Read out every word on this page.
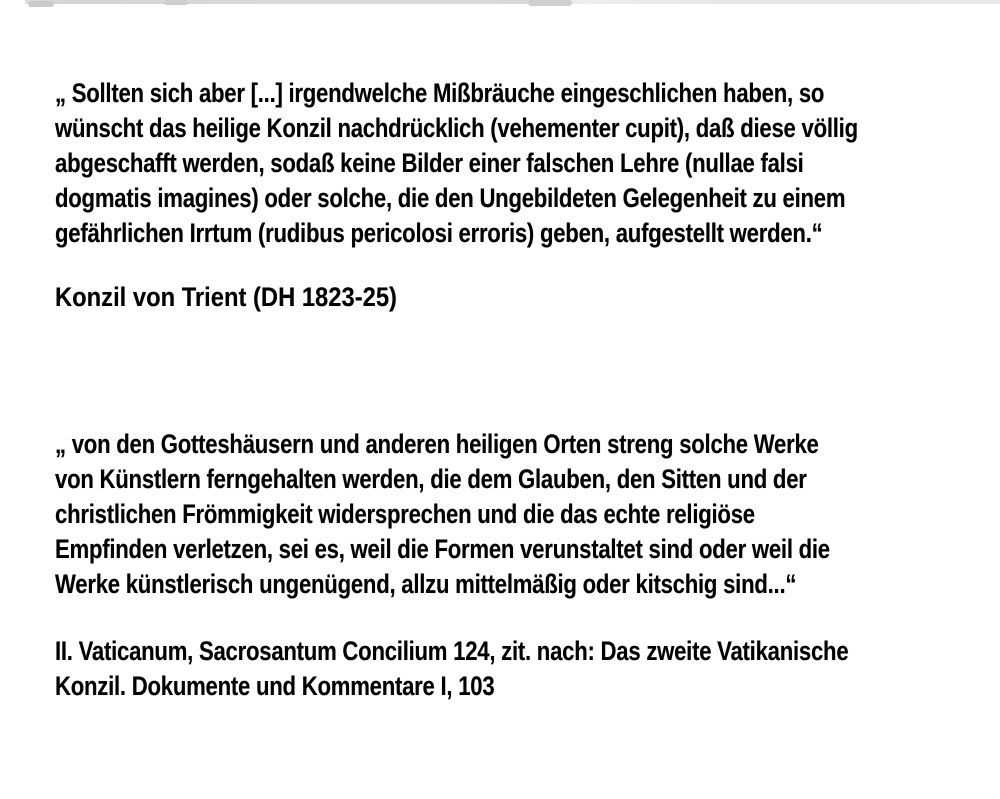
„ Sollten sich aber [...] irgendwelche Mißbräuche eingeschlichen haben, so
wünscht das heilige Konzil nachdrücklich (vehementer cupit), daß diese völlig
abgeschafft werden, sodaß keine Bilder einer falschen Lehre (nullae falsi
dogmatis imagines) oder solche, die den Ungebildeten Gelegenheit zu einem
gefährlichen Irrtum (rudibus pericolosi erroris) geben, aufgestellt werden.“
Konzil von Trient (DH 1823-25)
„ von den Gotteshäusern und anderen heiligen Orten streng solche Werke
von Künstlern ferngehalten werden, die dem Glauben, den Sitten und der
christlichen Frömmigkeit widersprechen und die das echte religiöse
Empfinden verletzen, sei es, weil die Formen verunstaltet sind oder weil die
Werke künstlerisch ungenügend, allzu mittelmäßig oder kitschig sind...“
II. Vaticanum, Sacrosantum Concilium 124, zit. nach: Das zweite Vatikanische
Konzil. Dokumente und Kommentare I, 103
